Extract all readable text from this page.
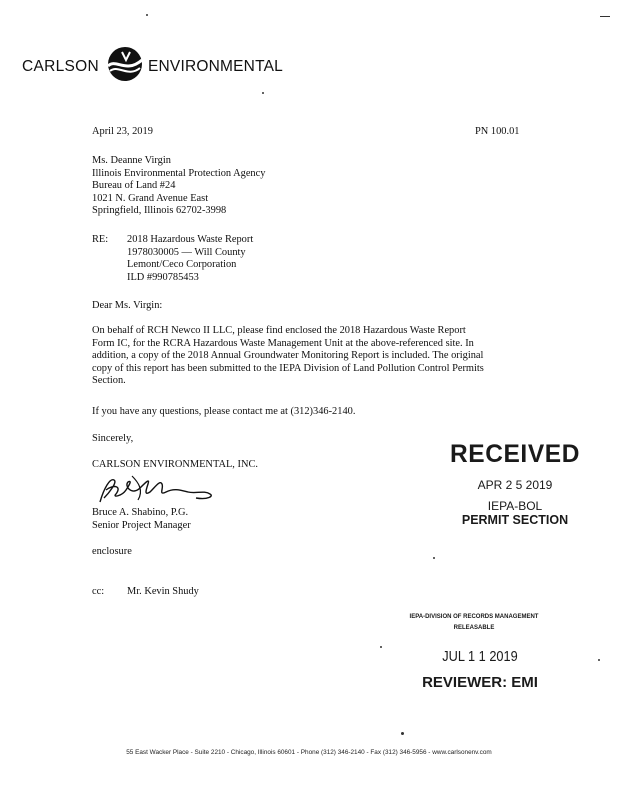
CARLSON	ENVIRONMENTAL
April 23, 2019	PN 100.01
Ms. Deanne Virgin
Illinois Environmental Protection Agency
Bureau of Land #24
1021 N. Grand Avenue East
Springfield, Illinois 62702-3998
RE: 2018 Hazardous Waste Report
1978030005 — Will County
Lemont/Ceco Corporation
ILD #990785453
Dear Ms. Virgin:
On behalf of RCH Newco II LLC, please find enclosed the 2018 Hazardous Waste Report
Form IC, for the RCRA Hazardous Waste Management Unit at the above-referenced site. In
addition, a copy of the 2018 Annual Groundwater Monitoring Report is included. The original
copy of this report has been submitted to the IEPA Division of Land Pollution Control Permits
Section.
If you have any questions, please contact me at (312)346-2140.
Sincerely,
CARLSON ENVIRONMENTAL, INC.
Bruce A. Shabino, P.G.
Senior Project Manager
enclosure
cc: Mr. Kevin Shudy
RECEIVED
APR 2 5 2019
IEPA-BOL
PERMIT SECTION
IEPA-DIVISION OF RECORDS MANAGEMENT
RELEASABLE
JUL 1 1 2019
REVIEWER: EMI
55 East Wacker Place - Suite 2210 - Chicago, Illinois 60601 - Phone (312) 346-2140 - Fax (312) 346-5956 - www.carlsonenv.com
